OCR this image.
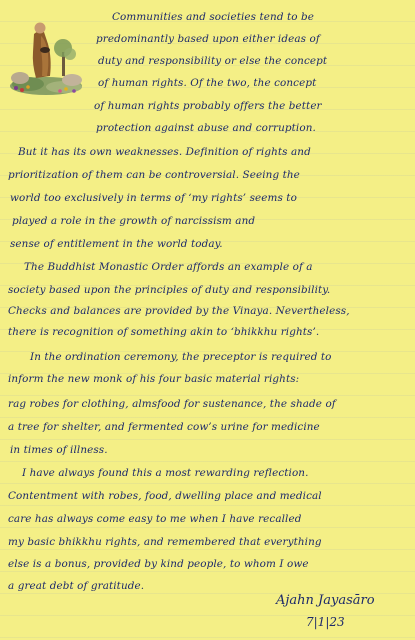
Communities and societies tend to be
predominantly based upon either ideas of
duty and responsibility or else the concept
of human rights. Of the two, the concept
of human rights probably offers the better
protection against abuse and corruption.
But it has its own weaknesses. Definition of rights and
prioritization of them can be controversial. Seeing the
world too exclusively in terms of ‘my rights’ seems to
played a role in the growth of narcissism and
sense of entitlement in the world today.
The Buddhist Monastic Order affords an example of a
society based upon the principles of duty and responsibility.
Checks and balances are provided by the Vinaya. Nevertheless,
there is recognition of something akin to ‘bhikkhu rights’.
In the ordination ceremony, the preceptor is required to
inform the new monk of his four basic material rights:
rag robes for clothing, almsfood for sustenance, the shade of
a tree for shelter, and fermented cow’s urine for medicine
in times of illness.
I have always found this a most rewarding reflection.
Contentment with robes, food, dwelling place and medical
care has always come easy to me when I have recalled
my basic bhikkhu rights, and remembered that everything
else is a bonus, provided by kind people, to whom I owe
a great debt of gratitude.
Ajahn Jayasāro
7|1|23
